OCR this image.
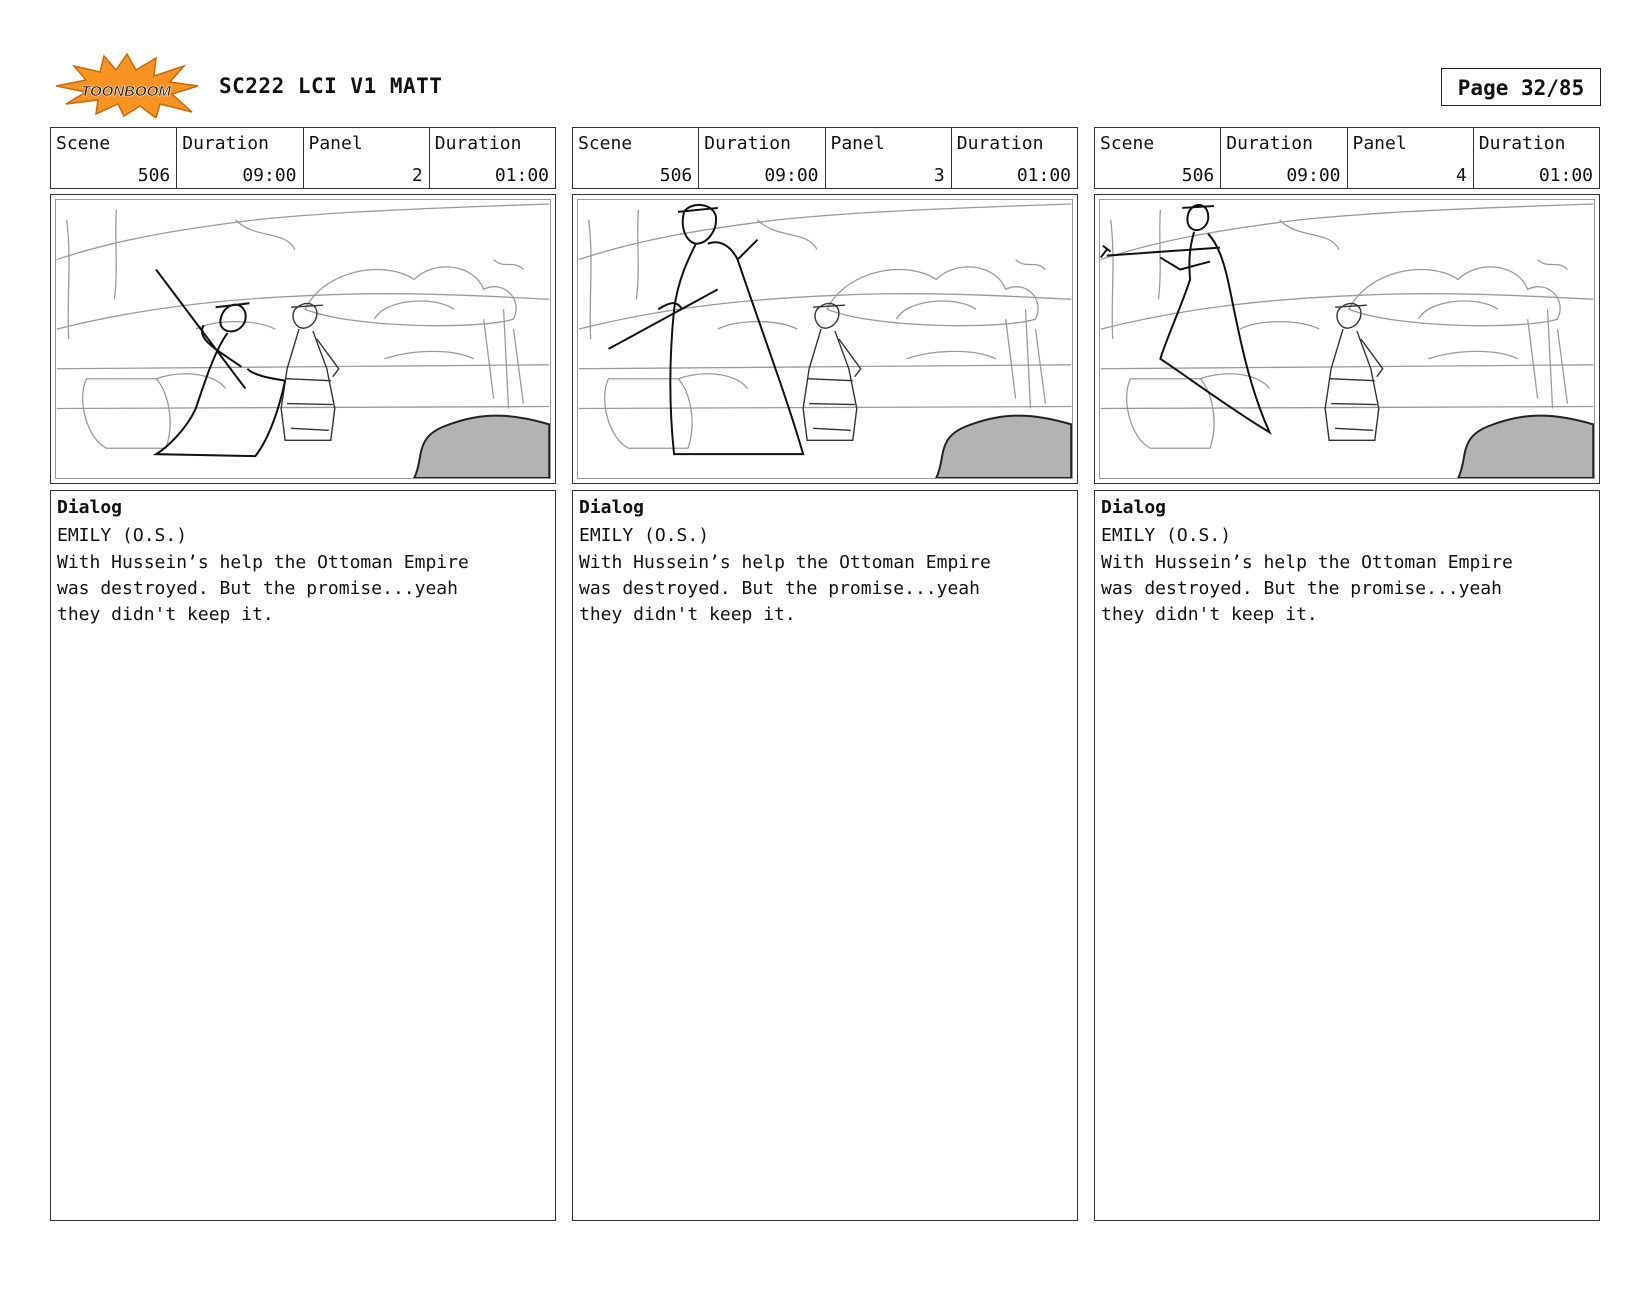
TOONBOOM SC222 LCI V1 MATT	Page 32/85
Scene
506
Duration
09:00
Panel
2
Duration
01:00
Dialog
EMILY (O.S.)
With Hussein’s help the Ottoman Empire
was destroyed. But the promise...yeah
they didn't keep it.
Scene
506
Duration
09:00
Panel
3
Duration
01:00
Dialog
EMILY (O.S.)
With Hussein’s help the Ottoman Empire
was destroyed. But the promise...yeah
they didn't keep it.
Scene
506
Duration
09:00
Panel
4
Duration
01:00
Dialog
EMILY (O.S.)
With Hussein’s help the Ottoman Empire
was destroyed. But the promise...yeah
they didn't keep it.
